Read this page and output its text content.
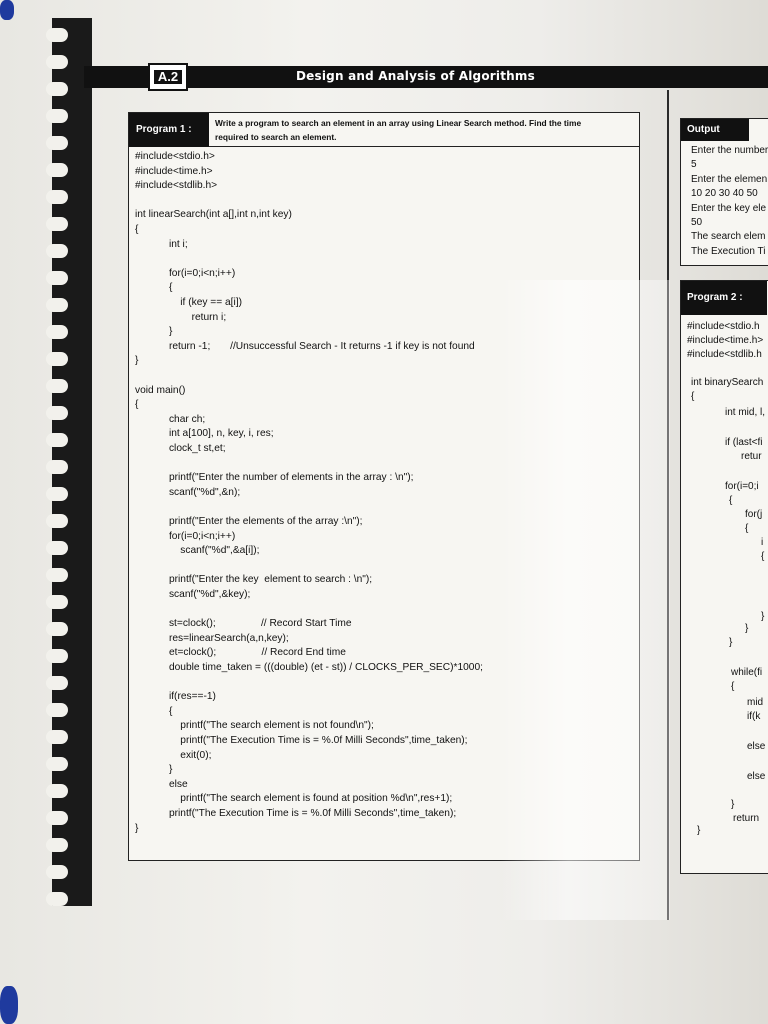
A.2	Design and Analysis of Algorithms
Program 1 :
Write a program to search an element in an array using Linear Search method. Find the time
required to search an element.
#include<stdio.h>
#include<time.h>
#include<stdlib.h>
int linearSearch(int a[],int n,int key)
{
int i;
for(i=0;i<n;i++)
{
if (key == a[i])
return i;
}
return -1;       //Unsuccessful Search - It returns -1 if key is not found
}
void main()
{
char ch;
int a[100], n, key, i, res;
clock_t st,et;
printf("Enter the number of elements in the array : \n");
scanf("%d",&n);
printf("Enter the elements of the array :\n");
for(i=0;i<n;i++)
scanf("%d",&a[i]);
printf("Enter the key  element to search : \n");
scanf("%d",&key);
st=clock();                // Record Start Time
res=linearSearch(a,n,key);
et=clock();                // Record End time
double time_taken = (((double) (et - st)) / CLOCKS_PER_SEC)*1000;
if(res==-1)
{
printf("The search element is not found\n");
printf("The Execution Time is = %.0f Milli Seconds",time_taken);
exit(0);
}
else
printf("The search element is found at position %d\n",res+1);
printf("The Execution Time is = %.0f Milli Seconds",time_taken);
}
Output
Enter the number
5
Enter the elemen
10 20 30 40 50
Enter the key ele
50
The search elem
The Execution Ti
Program 2 :
#include<stdio.h
#include<time.h>
#include<stdlib.h
int binarySearch
{
int mid, l,
if (last<fi
retur
for(i=0;i
{
for(j
{
i
{
}
}
}
while(fi
{
mid
if(k
else
else
}
return
}
